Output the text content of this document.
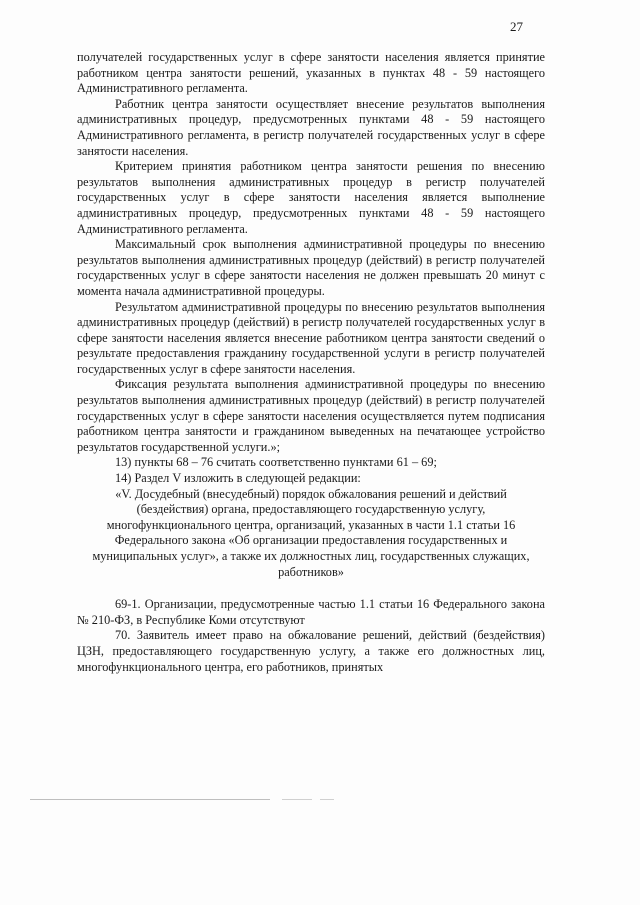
27

получателей государственных услуг в сфере занятости населения является принятие работником центра занятости решений, указанных в пунктах 48 - 59 настоящего Административного регламента.

Работник центра занятости осуществляет внесение результатов выполнения административных процедур, предусмотренных пунктами 48 - 59 настоящего Административного регламента, в регистр получателей государственных услуг в сфере занятости населения.

Критерием принятия работником центра занятости решения по внесению результатов выполнения административных процедур в регистр получателей государственных услуг в сфере занятости населения является выполнение административных процедур, предусмотренных пунктами 48 - 59 настоящего Административного регламента.

Максимальный срок выполнения административной процедуры по внесению результатов выполнения административных процедур (действий) в регистр получателей государственных услуг в сфере занятости населения не должен превышать 20 минут с момента начала административной процедуры.

Результатом административной процедуры по внесению результатов выполнения административных процедур (действий) в регистр получателей государственных услуг в сфере занятости населения является внесение работником центра занятости сведений о результате предоставления гражданину государственной услуги в регистр получателей государственных услуг в сфере занятости населения.

Фиксация результата выполнения административной процедуры по внесению результатов выполнения административных процедур (действий) в регистр получателей государственных услуг в сфере занятости населения осуществляется путем подписания работником центра занятости и гражданином выведенных на печатающее устройство результатов государственной услуги.»;

13) пункты 68 – 76 считать соответственно пунктами 61 – 69;

14) Раздел V изложить в следующей редакции:

«V. Досудебный (внесудебный) порядок обжалования решений и действий (бездействия) органа, предоставляющего государственную услугу, многофункционального центра, организаций, указанных в части 1.1 статьи 16 Федерального закона «Об организации предоставления государственных и муниципальных услуг», а также их должностных лиц, государственных служащих, работников»

69-1. Организации, предусмотренные частью 1.1 статьи 16 Федерального закона № 210-ФЗ, в Республике Коми отсутствуют

70. Заявитель имеет право на обжалование решений, действий (бездействия) ЦЗН, предоставляющего государственную услугу, а также его должностных лиц, многофункционального центра, его работников, принятых
